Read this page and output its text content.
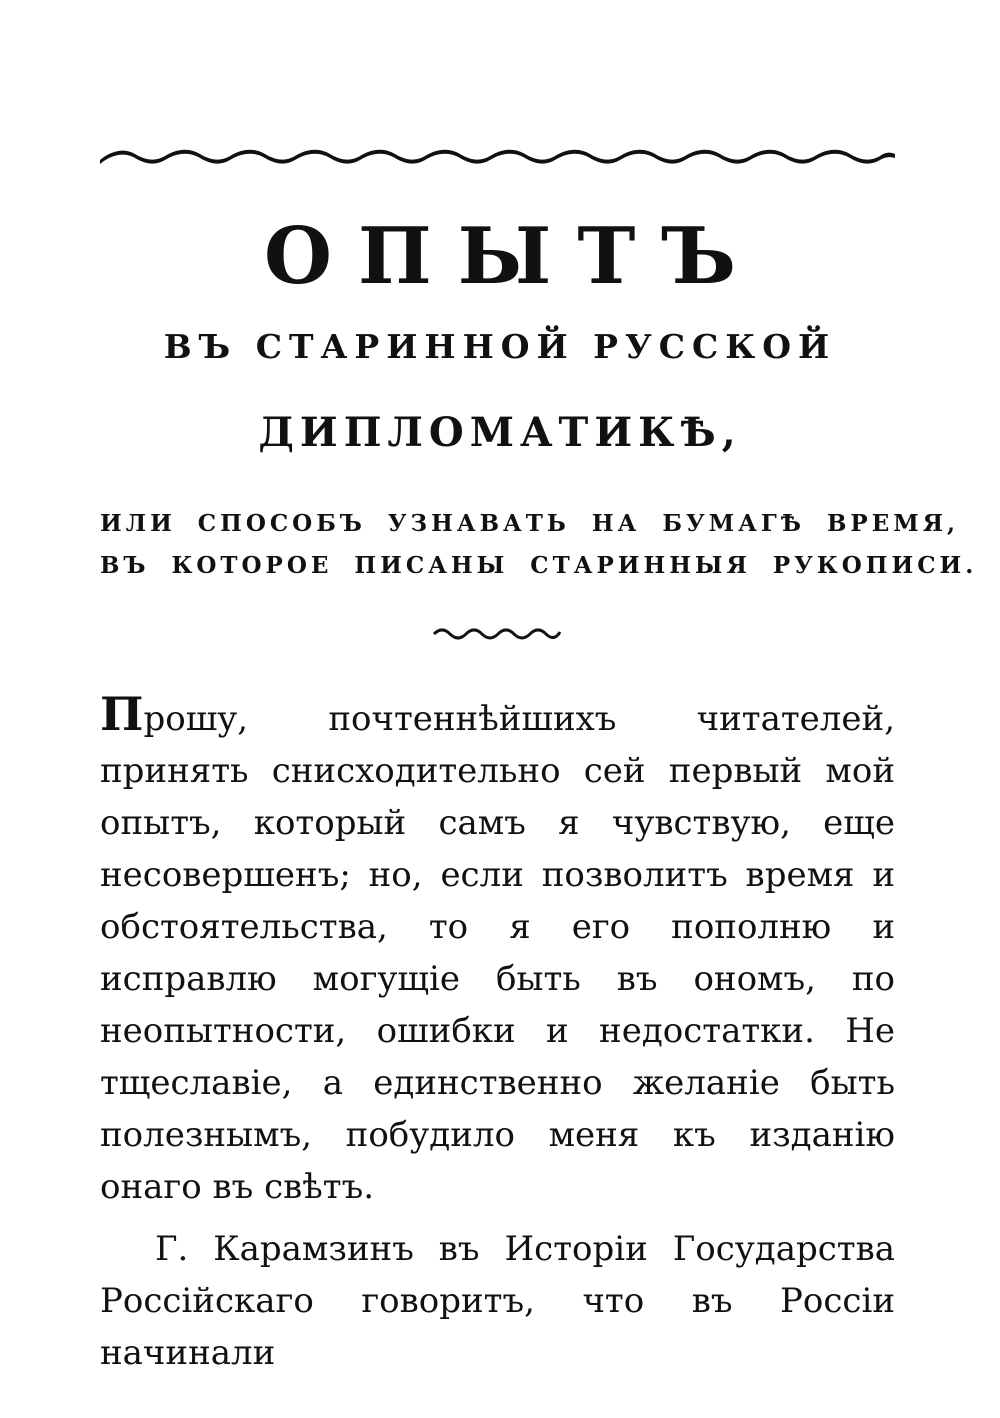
ОПЫТЪ
ВЪ СТАРИННОЙ РУССКОЙ
ДИПЛОМАТИКѢ,
ИЛИ СПОСОБЪ УЗНАВАТЬ НА БУМАГѢ ВРЕМЯ,
ВЪ КОТОРОЕ ПИСАНЫ СТАРИННЫЯ РУКОПИСИ.

Прошу, почтеннѣйшихъ читателей, принять снисходительно сей первый мой опытъ, который самъ я чувствую, еще несовершенъ; но, если позволитъ время и обстоятельства, то я его пополню и исправлю могущіе быть въ ономъ, по неопытности, ошибки и недостатки. Не тщеславіе, а единственно желаніе быть полезнымъ, побудило меня къ изданію онаго въ свѣтъ.

Г. Карамзинъ въ Исторіи Государства Россійскаго говоритъ, что въ Россіи начинали
